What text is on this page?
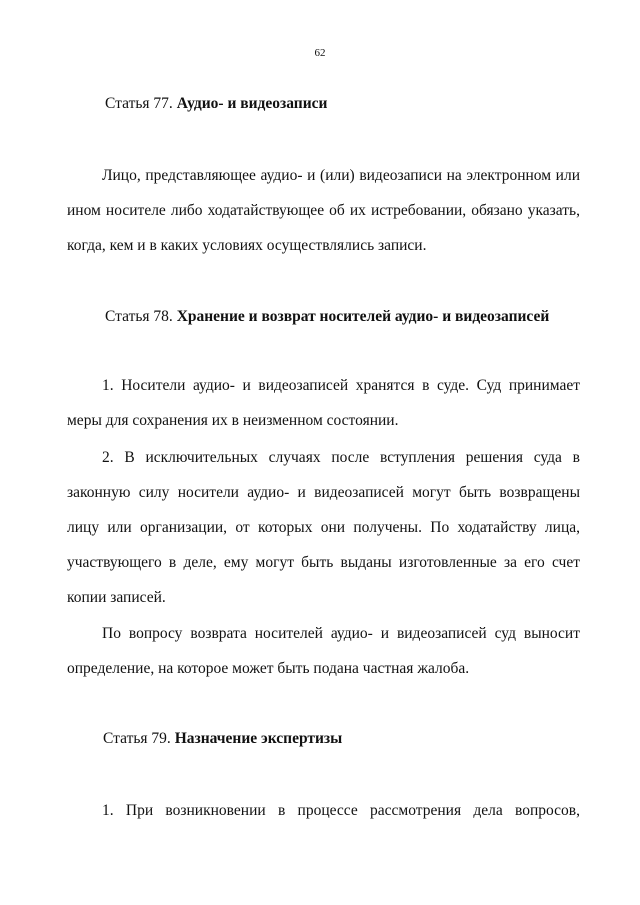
62
Статья 77. Аудио- и видеозаписи

Лицо, представляющее аудио- и (или) видеозаписи на электронном или ином носителе либо ходатайствующее об их истребовании, обязано указать, когда, кем и в каких условиях осуществлялись записи.

Статья 78. Хранение и возврат носителей аудио- и видеозаписей

1. Носители аудио- и видеозаписей хранятся в суде. Суд принимает меры для сохранения их в неизменном состоянии.

2. В исключительных случаях после вступления решения суда в законную силу носители аудио- и видеозаписей могут быть возвращены лицу или организации, от которых они получены. По ходатайству лица, участвующего в деле, ему могут быть выданы изготовленные за его счет копии записей.

По вопросу возврата носителей аудио- и видеозаписей суд выносит определение, на которое может быть подана частная жалоба.

Статья 79. Назначение экспертизы

1. При возникновении в процессе рассмотрения дела вопросов,
